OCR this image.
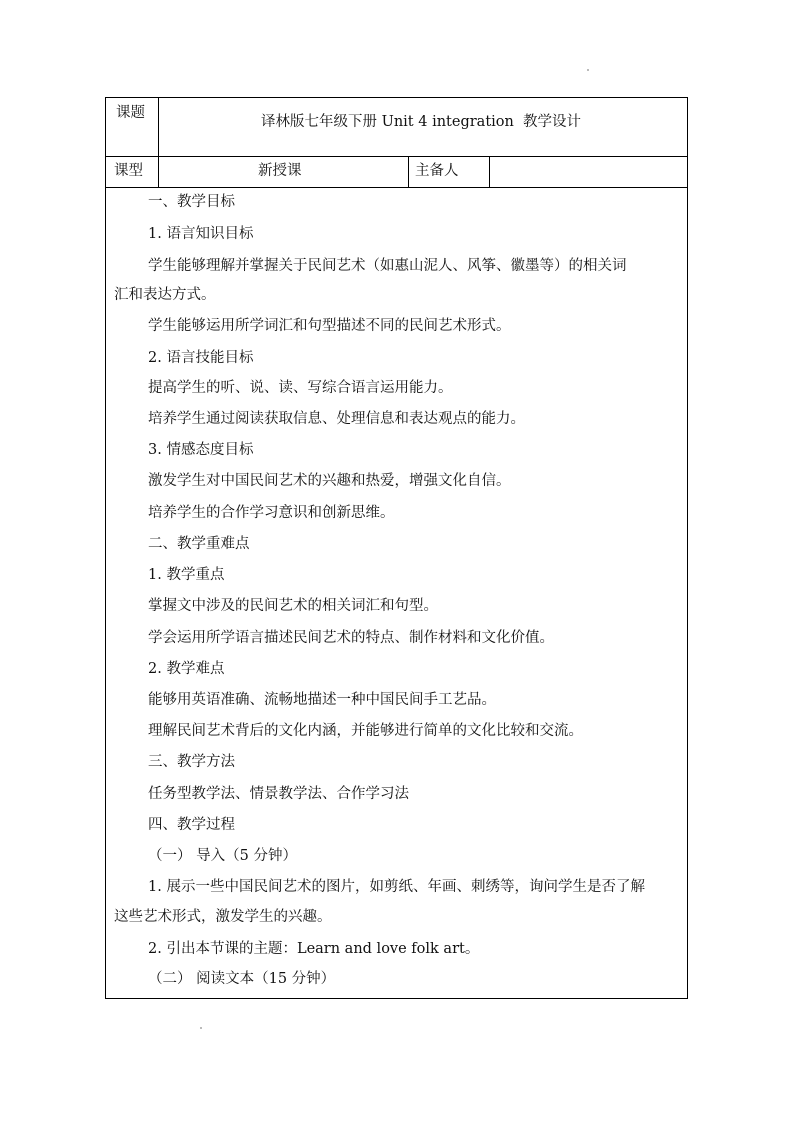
课题
译林版七年级下册 Unit 4 integration 教学设计
课型	新授课	主备人
一、教学目标
1. 语言知识目标
学生能够理解并掌握关于民间艺术（如惠山泥人、风筝、徽墨等）的相关词
汇和表达方式。
学生能够运用所学词汇和句型描述不同的民间艺术形式。
2. 语言技能目标
提高学生的听、说、读、写综合语言运用能力。
培养学生通过阅读获取信息、处理信息和表达观点的能力。
3. 情感态度目标
激发学生对中国民间艺术的兴趣和热爱，增强文化自信。
培养学生的合作学习意识和创新思维。
二、教学重难点
1. 教学重点
掌握文中涉及的民间艺术的相关词汇和句型。
学会运用所学语言描述民间艺术的特点、制作材料和文化价值。
2. 教学难点
能够用英语准确、流畅地描述一种中国民间手工艺品。
理解民间艺术背后的文化内涵，并能够进行简单的文化比较和交流。
三、教学方法
任务型教学法、情景教学法、合作学习法
四、教学过程
（一） 导入（5 分钟）
1. 展示一些中国民间艺术的图片，如剪纸、年画、刺绣等，询问学生是否了解
这些艺术形式，激发学生的兴趣。
2. 引出本节课的主题：Learn and love folk art。
（二） 阅读文本（15 分钟）
